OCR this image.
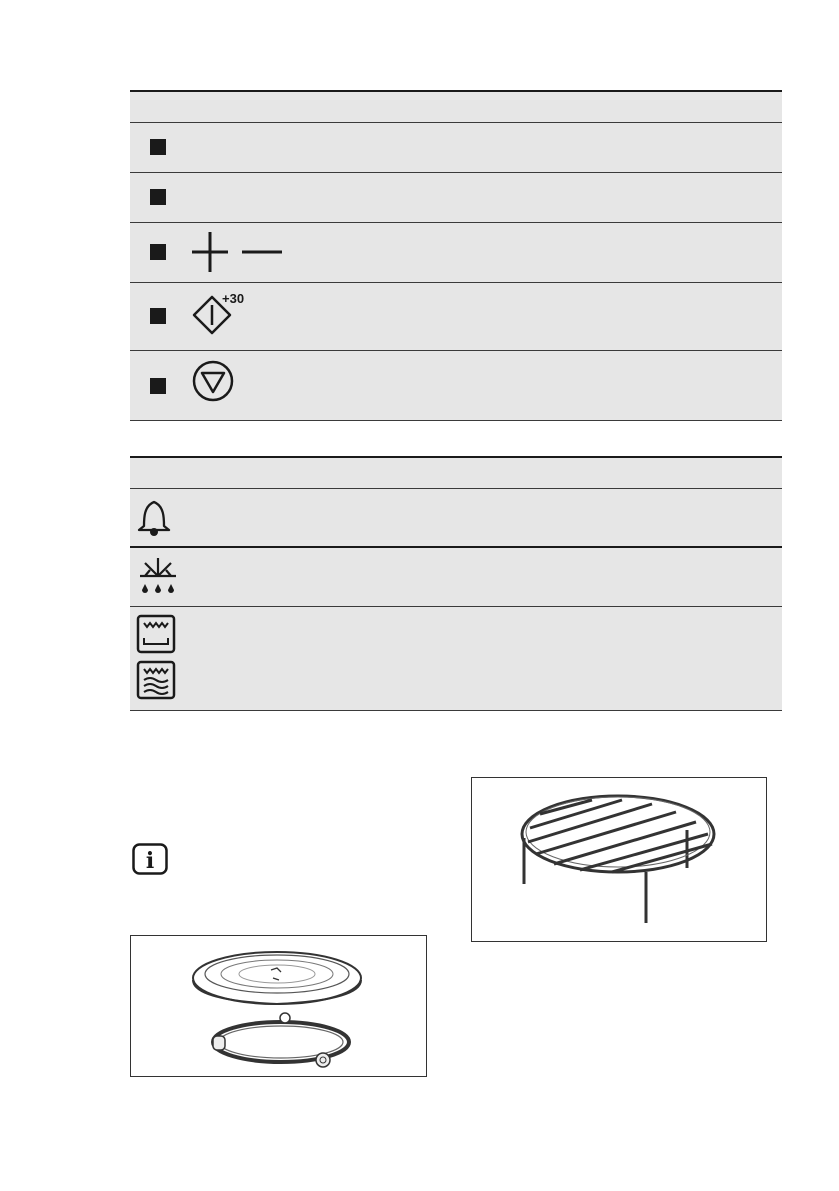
+30
i
